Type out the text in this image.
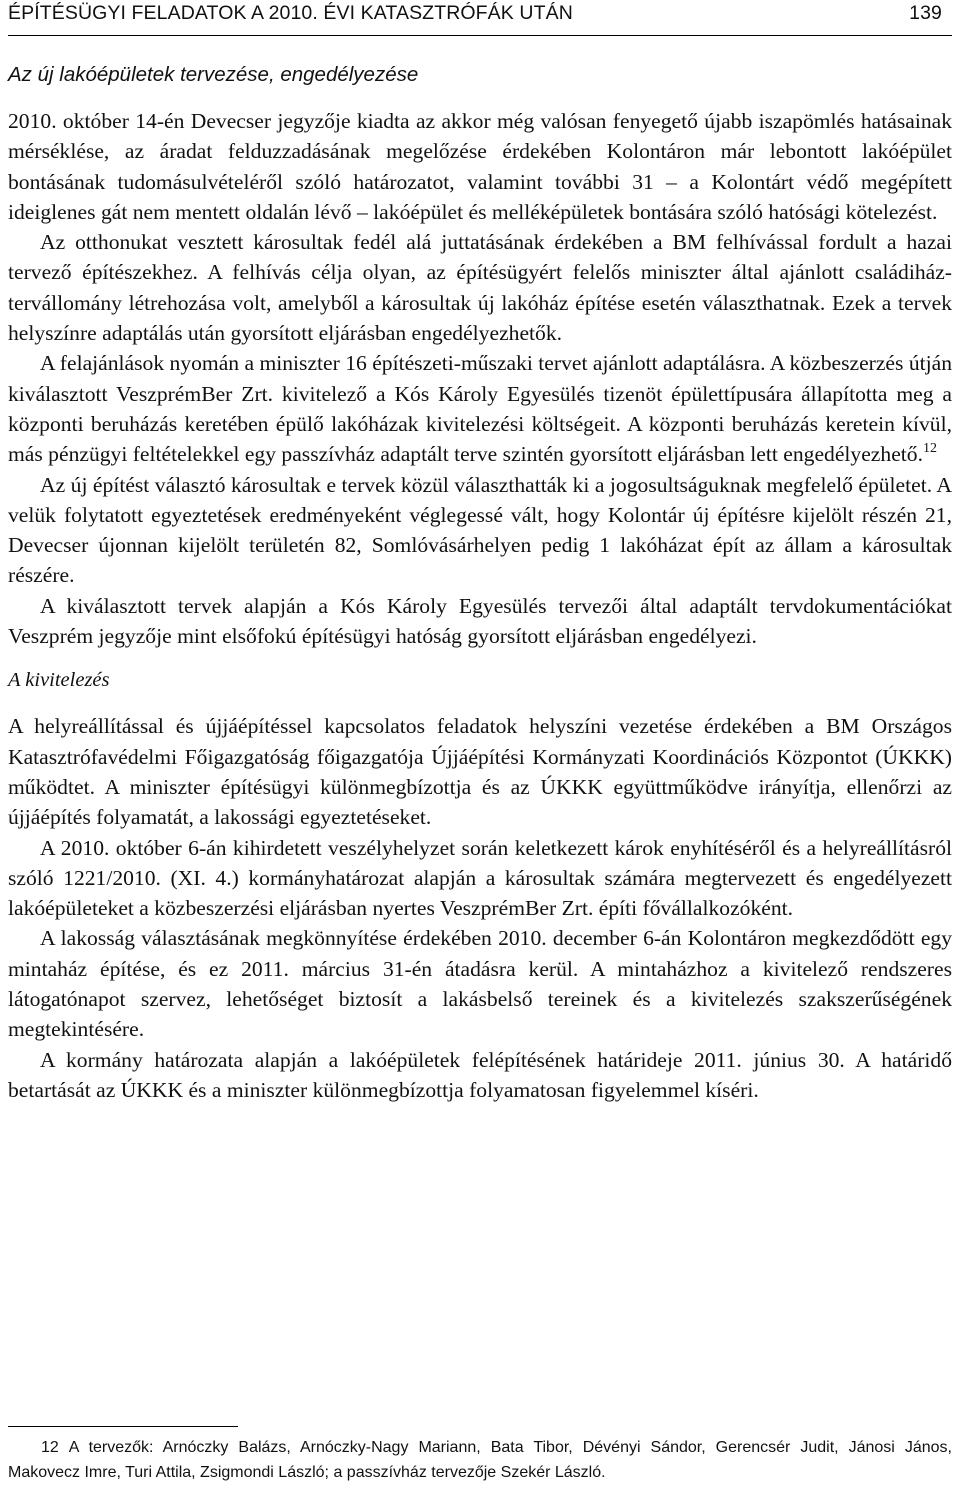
ÉPÍTÉSÜGYI FELADATOK A 2010. ÉVI KATASZTRÓFÁK UTÁN	139
Az új lakóépületek tervezése, engedélyezése

2010. október 14-én Devecser jegyzője kiadta az akkor még valósan fenyegető újabb iszapömlés hatásainak mérséklése, az áradat felduzzadásának megelőzése érdekében Kolontáron már lebontott lakóépület bontásának tudomásulvételéről szóló határozatot, valamint további 31 – a Kolontárt védő megépített ideiglenes gát nem mentett oldalán lévő – lakóépület és melléképületek bontására szóló hatósági kötelezést.

Az otthonukat vesztett károsultak fedél alá juttatásának érdekében a BM felhívással fordult a hazai tervező építészekhez. A felhívás célja olyan, az építésügyért felelős miniszter által ajánlott családiház-tervállomány létrehozása volt, amelyből a károsultak új lakóház építése esetén választhatnak. Ezek a tervek helyszínre adaptálás után gyorsított eljárásban engedélyezhetők.

A felajánlások nyomán a miniszter 16 építészeti-műszaki tervet ajánlott adaptálásra. A közbeszerzés útján kiválasztott VeszprémBer Zrt. kivitelező a Kós Károly Egyesülés tizenöt épülettípusára állapította meg a központi beruházás keretében épülő lakóházak kivitelezési költségeit. A központi beruházás keretein kívül, más pénzügyi feltételekkel egy passzívház adaptált terve szintén gyorsított eljárásban lett engedélyezhető.$^{12}$

Az új építést választó károsultak e tervek közül választhatták ki a jogosultságuknak megfelelő épületet. A velük folytatott egyeztetések eredményeként véglegessé vált, hogy Kolontár új építésre kijelölt részén 21, Devecser újonnan kijelölt területén 82, Somlóvásárhelyen pedig 1 lakóházat épít az állam a károsultak részére.

A kiválasztott tervek alapján a Kós Károly Egyesülés tervezői által adaptált tervdokumentációkat Veszprém jegyzője mint elsőfokú építésügyi hatóság gyorsított eljárásban engedélyezi.

A kivitelezés

A helyreállítással és újjáépítéssel kapcsolatos feladatok helyszíni vezetése érdekében a BM Országos Katasztrófavédelmi Főigazgatóság főigazgatója Újjáépítési Kormányzati Koordinációs Központot (ÚKKK) működtet. A miniszter építésügyi különmegbízottja és az ÚKKK együttműködve irányítja, ellenőrzi az újjáépítés folyamatát, a lakossági egyeztetéseket.

A 2010. október 6-án kihirdetett veszélyhelyzet során keletkezett károk enyhítéséről és a helyreállításról szóló 1221/2010. (XI. 4.) kormányhatározat alapján a károsultak számára megtervezett és engedélyezett lakóépületeket a közbeszerzési eljárásban nyertes VeszprémBer Zrt. építi fővállalkozóként.

A lakosság választásának megkönnyítése érdekében 2010. december 6-án Kolontáron megkezdődött egy mintaház építése, és ez 2011. március 31-én átadásra kerül. A mintaházhoz a kivitelező rendszeres látogatónapot szervez, lehetőséget biztosít a lakásbelső tereinek és a kivitelezés szakszerűségének megtekintésére.

A kormány határozata alapján a lakóépületek felépítésének határideje 2011. június 30. A határidő betartását az ÚKKK és a miniszter különmegbízottja folyamatosan figyelemmel kíséri.

12 A tervezők: Arnóczky Balázs, Arnóczky-Nagy Mariann, Bata Tibor, Dévényi Sándor, Gerencsér Judit, Jánosi János, Makovecz Imre, Turi Attila, Zsigmondi László; a passzívház tervezője Szekér László.
